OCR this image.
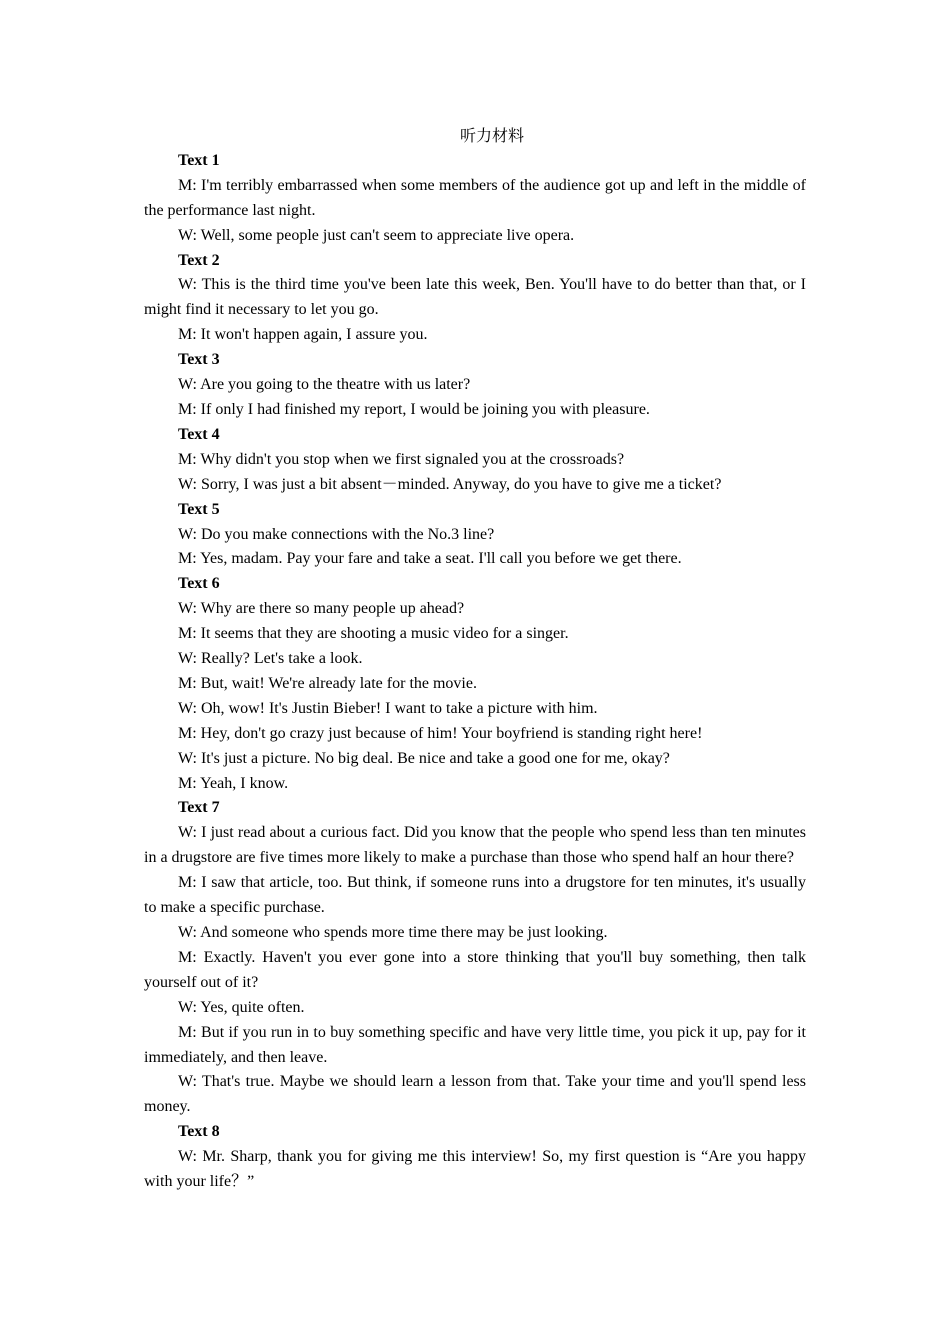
听力材料

Text 1

M: I'm terribly embarrassed when some members of the audience got up and left in the middle of the performance last night.

W: Well, some people just can't seem to appreciate live opera.

Text 2

W: This is the third time you've been late this week, Ben. You'll have to do better than that, or I might find it necessary to let you go.

M: It won't happen again, I assure you.

Text 3

W: Are you going to the theatre with us later?

M: If only I had finished my report, I would be joining you with pleasure.

Text 4

M: Why didn't you stop when we first signaled you at the crossroads?

W: Sorry, I was just a bit absent－minded. Anyway, do you have to give me a ticket?

Text 5

W: Do you make connections with the No.3 line?

M: Yes, madam. Pay your fare and take a seat. I'll call you before we get there.

Text 6

W: Why are there so many people up ahead?

M: It seems that they are shooting a music video for a singer.

W: Really? Let's take a look.

M: But, wait! We're already late for the movie.

W: Oh, wow! It's Justin Bieber! I want to take a picture with him.

M: Hey, don't go crazy just because of him! Your boyfriend is standing right here!

W: It's just a picture. No big deal. Be nice and take a good one for me, okay?

M: Yeah, I know.

Text 7

W: I just read about a curious fact. Did you know that the people who spend less than ten minutes in a drugstore are five times more likely to make a purchase than those who spend half an hour there?

M: I saw that article, too. But think, if someone runs into a drugstore for ten minutes, it's usually to make a specific purchase.

W: And someone who spends more time there may be just looking.

M: Exactly. Haven't you ever gone into a store thinking that you'll buy something, then talk yourself out of it?

W: Yes, quite often.

M: But if you run in to buy something specific and have very little time, you pick it up, pay for it immediately, and then leave.

W: That's true. Maybe we should learn a lesson from that. Take your time and you'll spend less money.

Text 8

W: Mr. Sharp, thank you for giving me this interview! So, my first question is “Are you happy with your life？”
